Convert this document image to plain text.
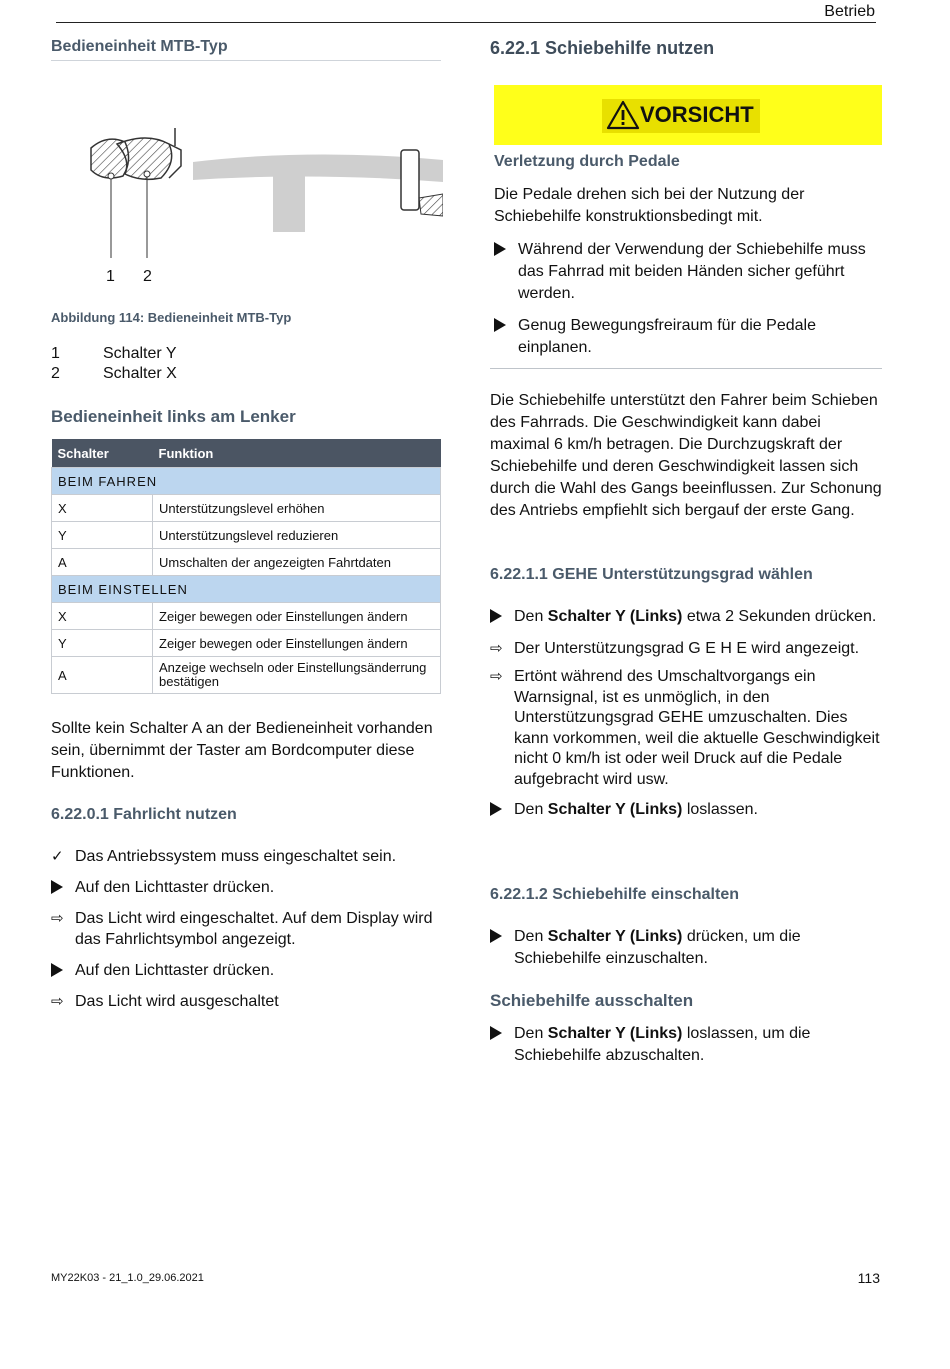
Betrieb
Bedieneinheit MTB-Typ
1 2
Abbildung 114: Bedieneinheit MTB-Typ
1	Schalter Y
2	Schalter X
Bedieneinheit links am Lenker
Schalter	Funktion
BEIM FAHREN	
X	Unterstützungslevel erhöhen
Y	Unterstützungslevel reduzieren
A	Umschalten der angezeigten Fahrtdaten
BEIM EINSTELLEN	
X	Zeiger bewegen oder Einstellungen ändern
Y	Zeiger bewegen oder Einstellungen ändern
A	Anzeige wechseln oder Einstellungsänderrung bestätigen
Sollte kein Schalter A an der Bedieneinheit vorhanden sein, übernimmt der Taster am Bordcomputer diese Funktionen.
6.22.0.1 Fahrlicht nutzen
✓ Das Antriebssystem muss eingeschaltet sein.
Auf den Lichttaster drücken.
⇨ Das Licht wird eingeschaltet. Auf dem Display wird das Fahrlichtsymbol angezeigt.
Auf den Lichttaster drücken.
⇨ Das Licht wird ausgeschaltet
6.22.1 Schiebehilfe nutzen
VORSICHT
Verletzung durch Pedale
Die Pedale drehen sich bei der Nutzung der Schiebehilfe konstruktionsbedingt mit.
Während der Verwendung der Schiebehilfe muss das Fahrrad mit beiden Händen sicher geführt werden.
Genug Bewegungsfreiraum für die Pedale einplanen.
Die Schiebehilfe unterstützt den Fahrer beim Schieben des Fahrrads. Die Geschwindigkeit kann dabei maximal 6 km/h betragen. Die Durchzugskraft der Schiebehilfe und deren Geschwindigkeit lassen sich durch die Wahl des Gangs beeinflussen. Zur Schonung des Antriebs empfiehlt sich bergauf der erste Gang.
6.22.1.1 GEHE Unterstützungsgrad wählen
Den Schalter Y (Links) etwa 2 Sekunden drücken.
⇨ Der Unterstützungsgrad G E H E wird angezeigt.
⇨ Ertönt während des Umschaltvorgangs ein Warnsignal, ist es unmöglich, in den Unterstützungsgrad GEHE umzuschalten. Dies kann vorkommen, weil die aktuelle Geschwindigkeit nicht 0 km/h ist oder weil Druck auf die Pedale aufgebracht wird usw.
Den Schalter Y (Links) loslassen.
6.22.1.2 Schiebehilfe einschalten
Den Schalter Y (Links) drücken, um die Schiebehilfe einzuschalten.
Schiebehilfe ausschalten
Den Schalter Y (Links) loslassen, um die Schiebehilfe abzuschalten.
MY22K03 - 21_1.0_29.06.2021	113
